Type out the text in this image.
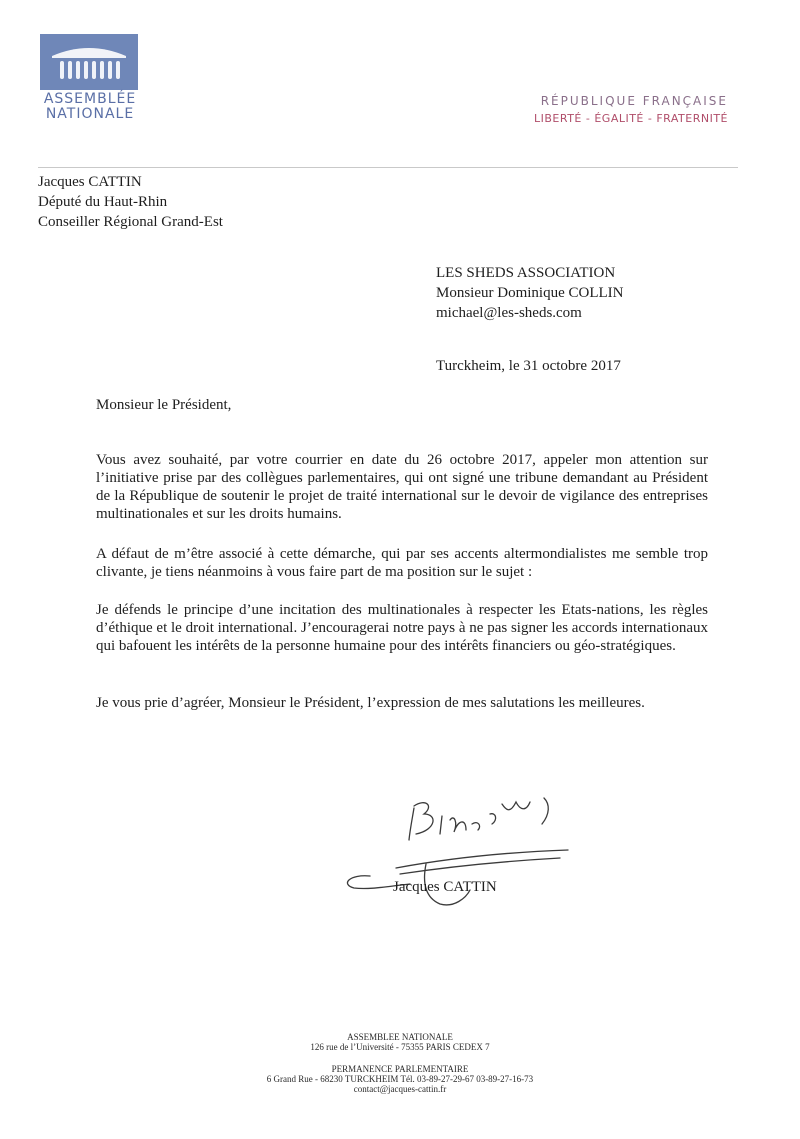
ASSEMBLÉE
NATIONALE
RÉPUBLIQUE FRANÇAISE
LIBERTÉ - ÉGALITÉ - FRATERNITÉ
Jacques CATTIN
Député du Haut-Rhin
Conseiller Régional Grand-Est
LES SHEDS ASSOCIATION
Monsieur Dominique COLLIN
michael@les-sheds.com
Turckheim, le 31 octobre 2017
Monsieur le Président,
Vous avez souhaité, par votre courrier en date du 26 octobre 2017, appeler mon attention sur l’initiative prise par des collègues parlementaires, qui ont signé une tribune demandant au Président de la République de soutenir le projet de traité international sur le devoir de vigilance des entreprises multinationales et sur les droits humains.
A défaut de m’être associé à cette démarche, qui par ses accents altermondialistes me semble trop clivante, je tiens néanmoins à vous faire part de ma position sur le sujet :
Je défends le principe d’une incitation des multinationales à respecter les Etats-nations, les règles d’éthique et le droit international. J’encouragerai notre pays à ne pas signer les accords internationaux qui bafouent les intérêts de la personne humaine pour des intérêts financiers ou géo-stratégiques.
Je vous prie d’agréer, Monsieur le Président, l’expression de mes salutations les meilleures.
Jacques CATTIN
ASSEMBLEE NATIONALE
126 rue de l’Université - 75355 PARIS CEDEX 7
PERMANENCE PARLEMENTAIRE
6 Grand Rue - 68230 TURCKHEIM Tél. 03-89-27-29-67 03-89-27-16-73
contact@jacques-cattin.fr
